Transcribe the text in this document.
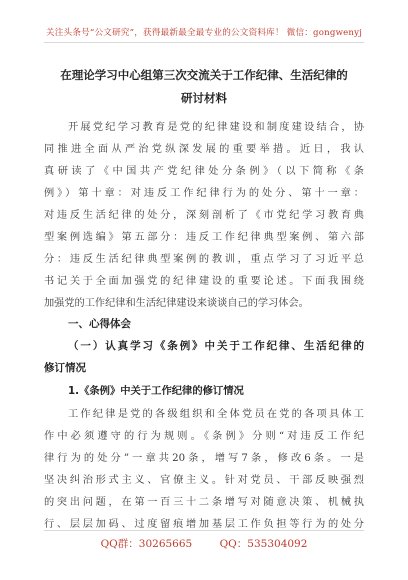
关注头条号“公文研究”，获得最新最全最专业的公文资料库！ 微信：gongwenyj
在理论学习中心组第三次交流关于工作纪律、生活纪律的
研讨材料
开展党纪学习教育是党的纪律建设和制度建设结合，协
同推进全面从严治党纵深发展的重要举措。近日，我认
真研读了《中国共产党纪律处分条例》（以下简称《条
例》）第十章：对违反工作纪律行为的处分、第十一章：
对违反生活纪律的处分，深刻剖析了《市党纪学习教育典
型案例选编》第五部分：违反工作纪律典型案例、第六部
分：违反生活纪律典型案例的教训，重点学习了习近平总
书记关于全面加强党的纪律建设的重要论述。下面我围绕
加强党的工作纪律和生活纪律建设来谈谈自己的学习体会。
一、心得体会
（一）认真学习《条例》中关于工作纪律、生活纪律的
修订情况
1.《条例》中关于工作纪律的修订情况
工作纪律是党的各级组织和全体党员在党的各项具体工
作中必须遵守的行为规则。《条例》分则“对违反工作纪
律行为的处分”一章共20条，增写7条，修改6条。一是
坚决纠治形式主义、官僚主义。针对党员、干部反映强烈
的突出问题，在第一百三十二条增写对随意决策、机械执
行、层层加码、过度留痕增加基层工作负担等行为的处分
QQ群：30265665	QQ：535304092
